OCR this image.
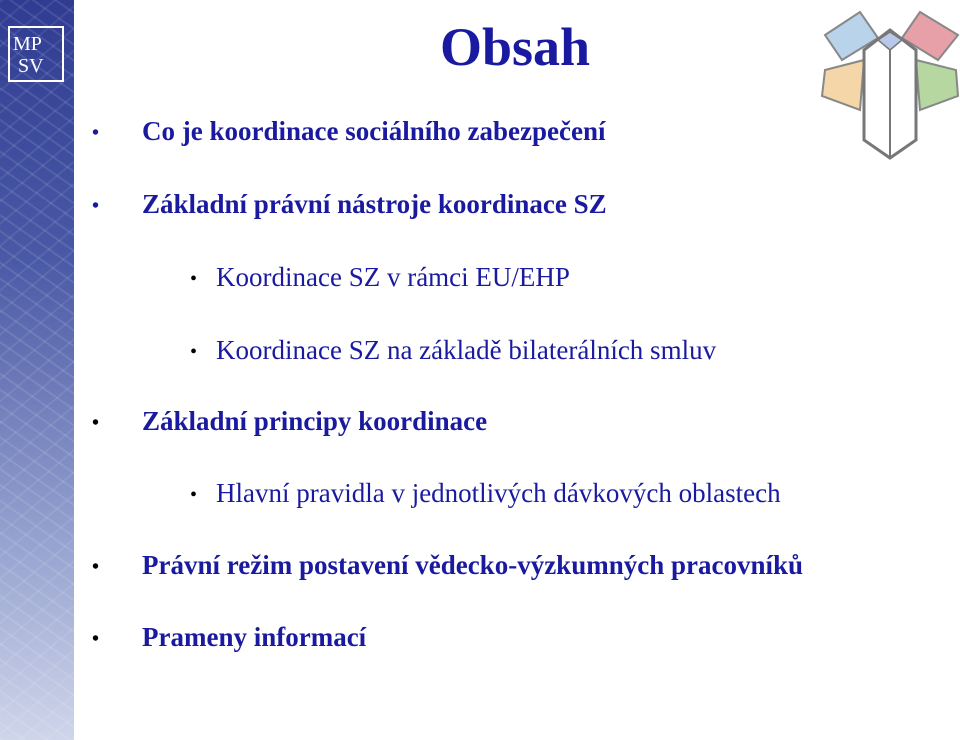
MP
SV	Obsah
• Co je koordinace sociálního zabezpečení
• Základní právní nástroje koordinace SZ
• Koordinace SZ v rámci EU/EHP
• Koordinace SZ na základě bilaterálních smluv
• Základní principy koordinace
• Hlavní pravidla v jednotlivých dávkových oblastech
• Právní režim postavení vědecko-výzkumných pracovníků
• Prameny informací
